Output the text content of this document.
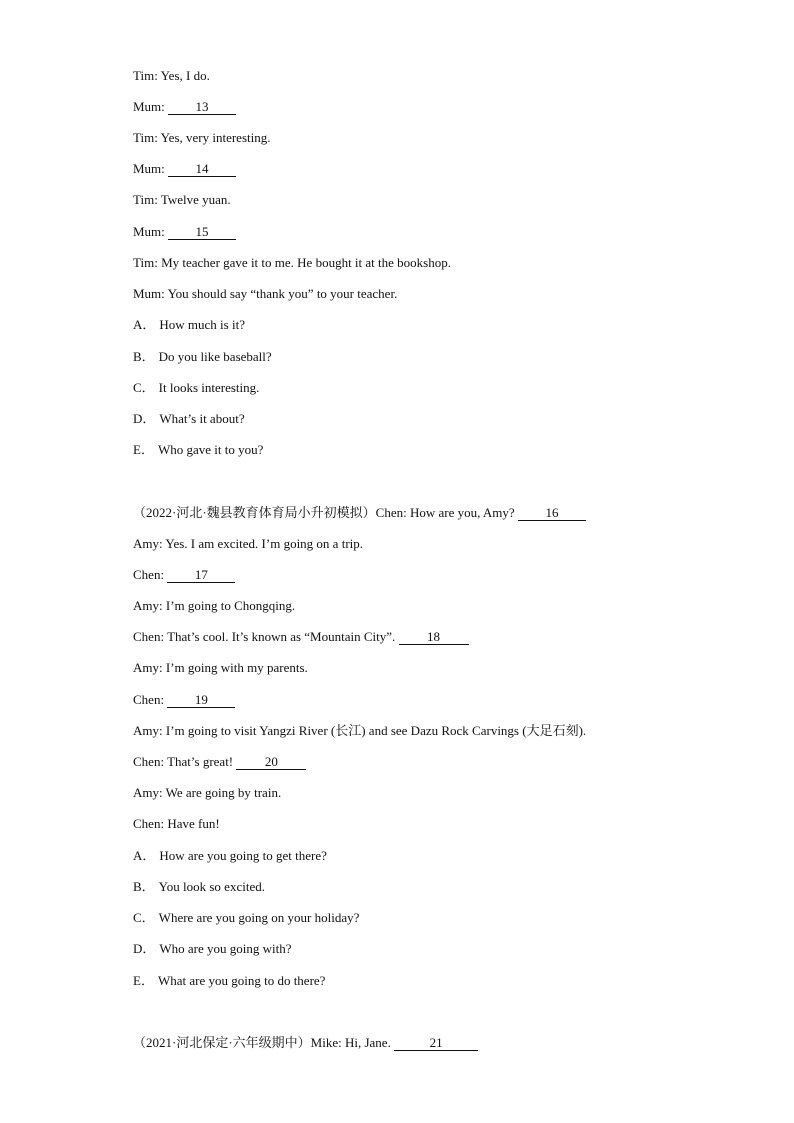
Tim: Yes, I do.
Mum: 13
Tim: Yes, very interesting.
Mum: 14
Tim: Twelve yuan.
Mum: 15
Tim: My teacher gave it to me. He bought it at the bookshop.
Mum: You should say “thank you” to your teacher.
A． How much is it?
B． Do you like baseball?
C． It looks interesting.
D． What’s it about?
E． Who gave it to you?
（2022·河北·魏县教育体育局小升初模拟）Chen: How are you, Amy? 16
Amy: Yes. I am excited. I’m going on a trip.
Chen: 17
Amy: I’m going to Chongqing.
Chen: That’s cool. It’s known as “Mountain City”. 18
Amy: I’m going with my parents.
Chen: 19
Amy: I’m going to visit Yangzi River (长江) and see Dazu Rock Carvings (大足石刻).
Chen: That’s great! 20
Amy: We are going by train.
Chen: Have fun!
A． How are you going to get there?
B． You look so excited.
C． Where are you going on your holiday?
D． Who are you going with?
E． What are you going to do there?
（2021·河北保定·六年级期中）Mike: Hi, Jane.	21
